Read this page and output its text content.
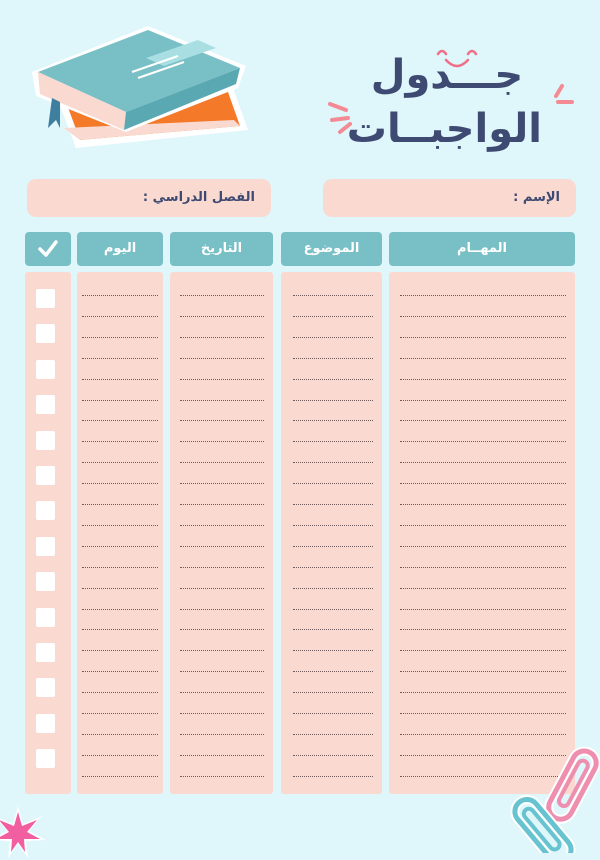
جـــدول
الواجبــات
الإسم :
الفصل الدراسي :
اليوم	التاريخ	الموضوع	المهــام
